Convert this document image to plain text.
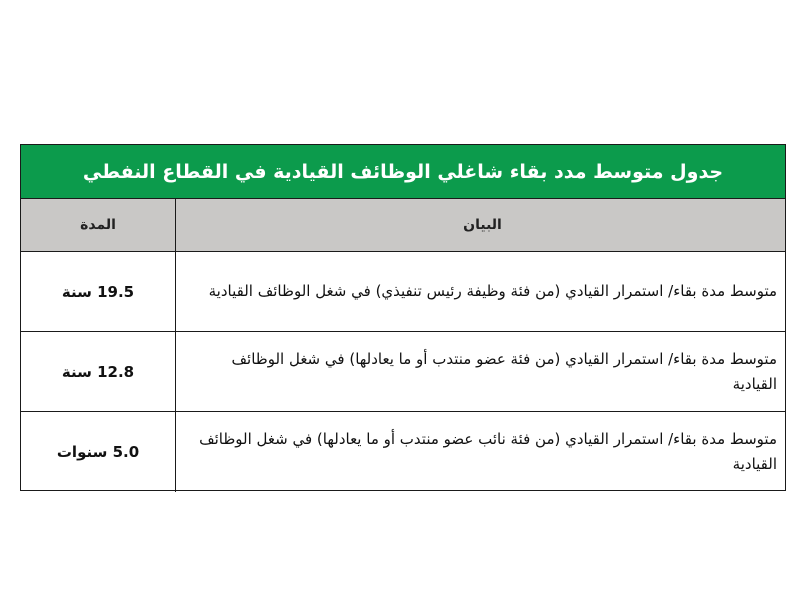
جدول متوسط مدد بقاء شاغلي الوظائف القيادية في القطاع النفطي
البيان
المدة
متوسط مدة بقاء/ استمرار القيادي (من فئة وظيفة رئيس تنفيذي) في شغل الوظائف القيادية
19.5 سنة
متوسط مدة بقاء/ استمرار القيادي (من فئة عضو منتدب أو ما يعادلها) في شغل الوظائف القيادية
12.8 سنة
متوسط مدة بقاء/ استمرار القيادي (من فئة نائب عضو منتدب أو ما يعادلها) في شغل الوظائف القيادية
5.0 سنوات
